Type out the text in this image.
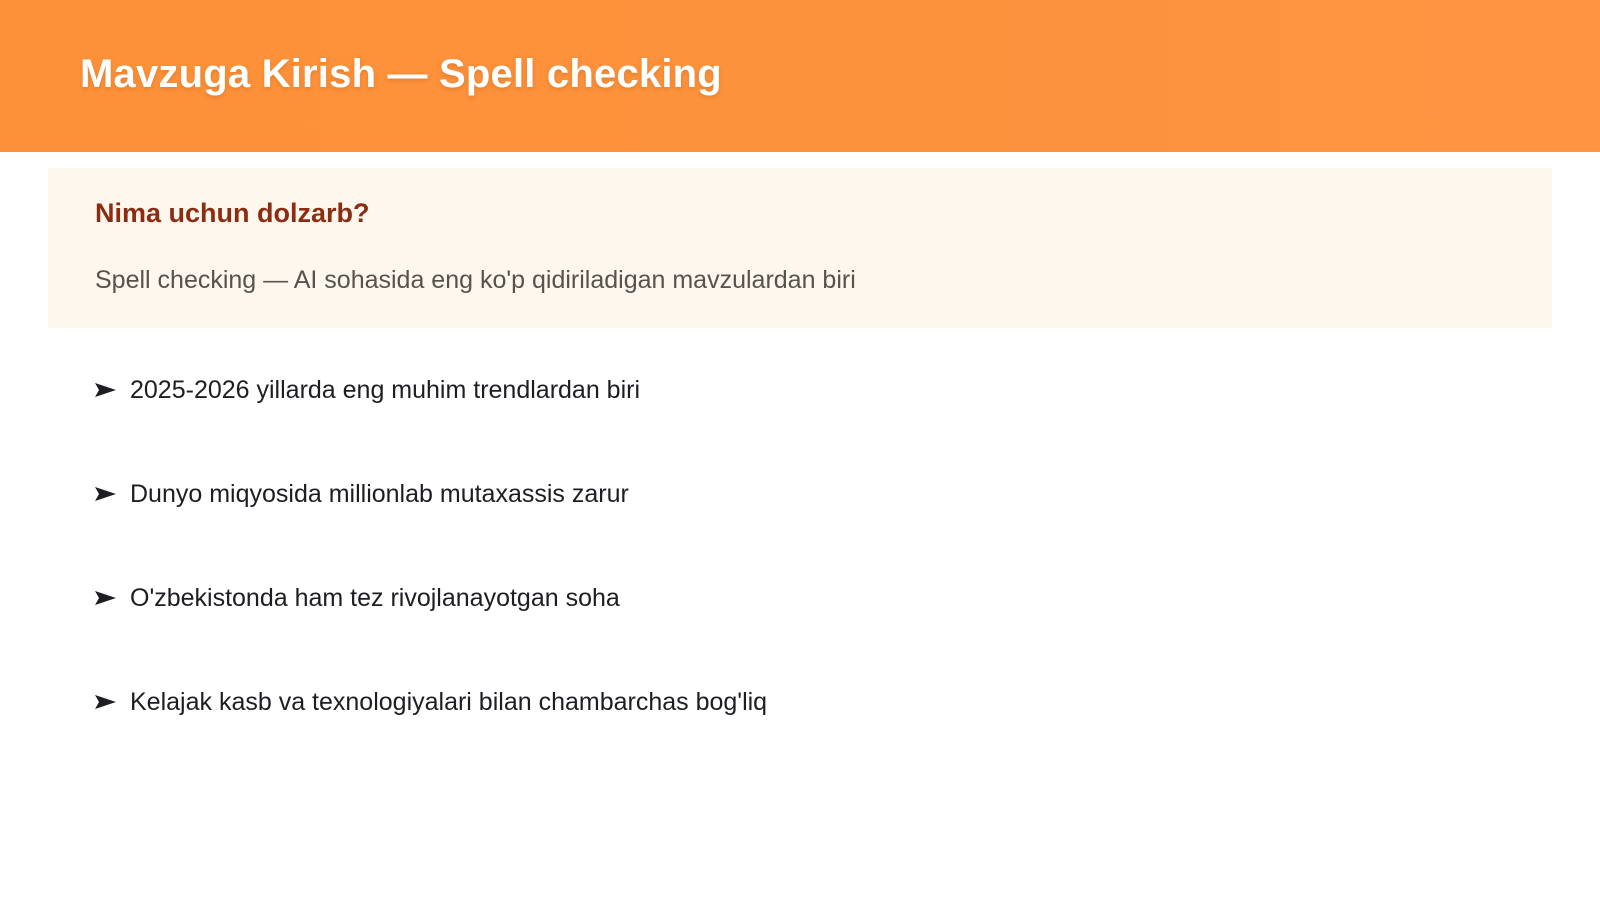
Mavzuga Kirish — Spell checking
Nima uchun dolzarb?

Spell checking — AI sohasida eng ko'p qidiriladigan mavzulardan biri

2025-2026 yillarda eng muhim trendlardan biri
Dunyo miqyosida millionlab mutaxassis zarur
O'zbekistonda ham tez rivojlanayotgan soha
Kelajak kasb va texnologiyalari bilan chambarchas bog'liq
